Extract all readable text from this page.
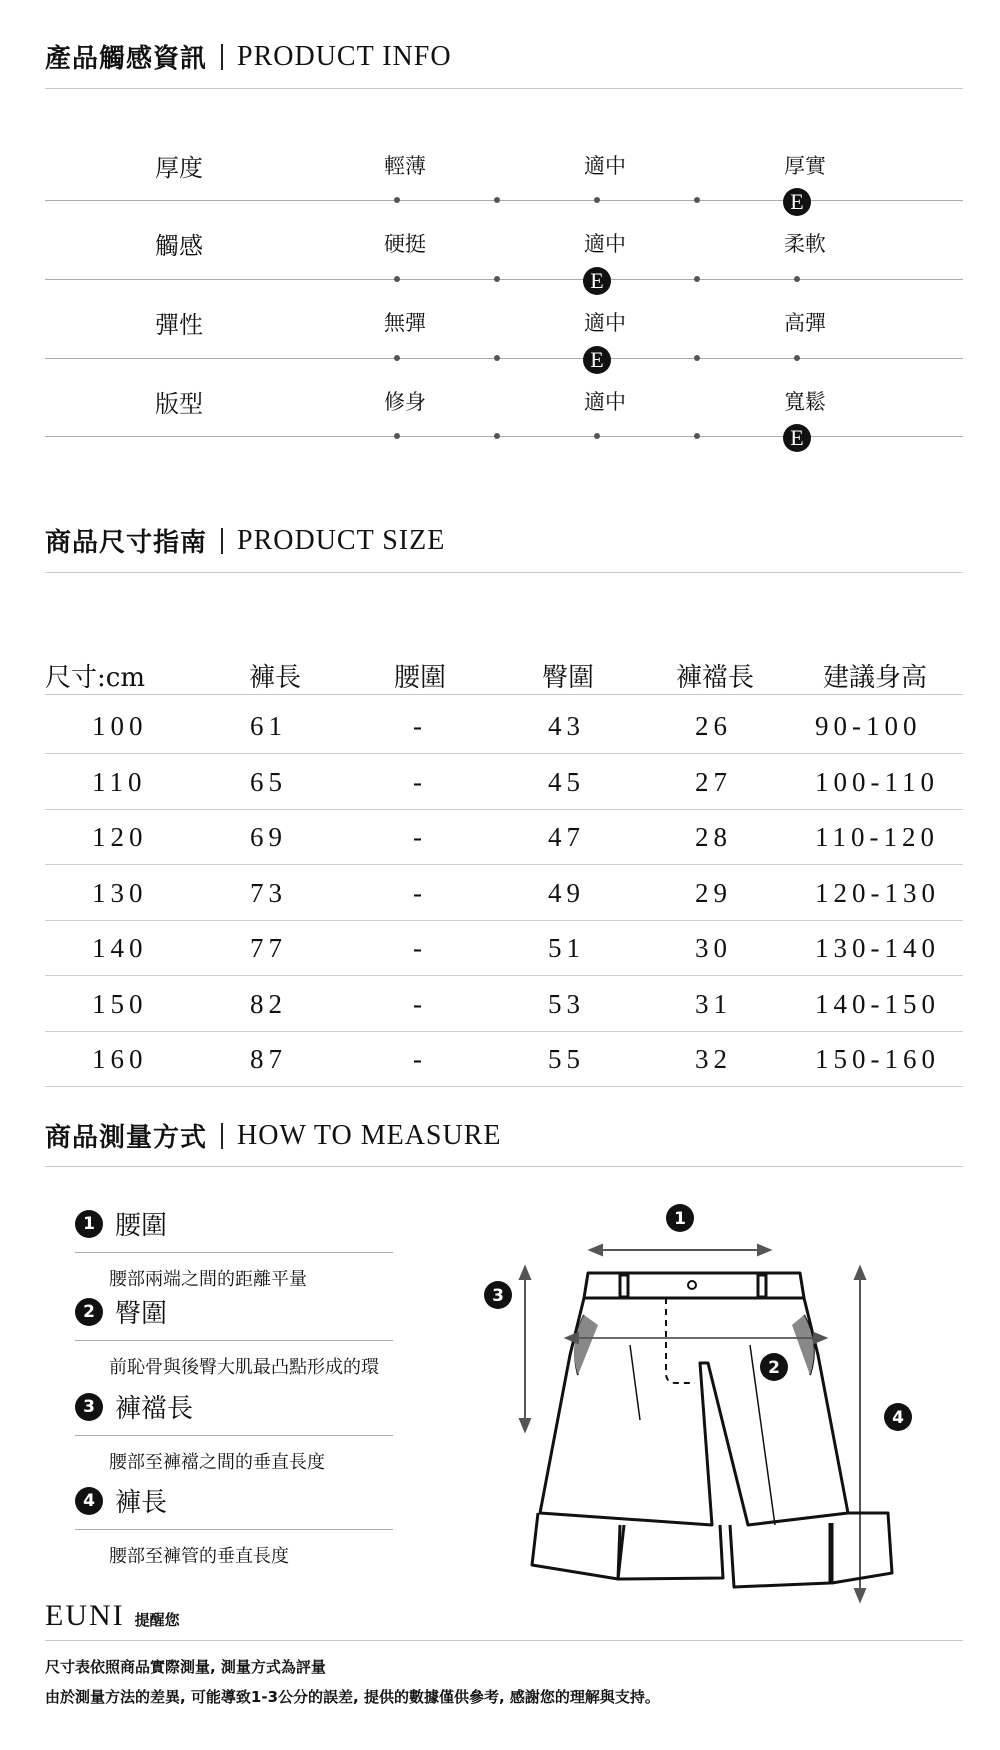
產品觸感資訊 PRODUCT INFO
厚度	輕薄	適中	厚實
E
觸感	硬挺	適中	柔軟
E
彈性	無彈	適中	高彈
E
版型	修身	適中	寬鬆
E
商品尺寸指南 PRODUCT SIZE
尺寸:cm	褲長	腰圍	臀圍	褲襠長	建議身高
100	61	-	43	26	90-100
110	65	-	45	27	100-110
120	69	-	47	28	110-120
130	73	-	49	29	120-130
140	77	-	51	30	130-140
150	82	-	53	31	140-150
160	87	-	55	32	150-160
商品測量方式 HOW TO MEASURE
1 腰圍
腰部兩端之間的距離平量
2 臀圍
前恥骨與後臀大肌最凸點形成的環
3 褲襠長
腰部至褲襠之間的垂直長度
4 褲長
腰部至褲管的垂直長度
1
3
4
2
EUNI 提醒您
尺寸表依照商品實際測量, 測量方式為評量
由於測量方法的差異, 可能導致1-3公分的誤差, 提供的數據僅供參考, 感謝您的理解與支持。
